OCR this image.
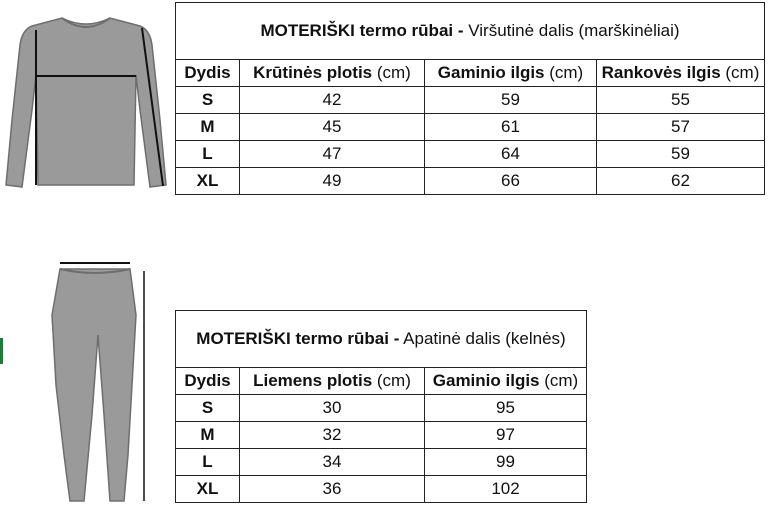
MOTERIŠKI termo rūbai - Viršutinė dalis (marškinėliai)			
Dydis	Krūtinės plotis (cm)	Gaminio ilgis (cm)	Rankovės ilgis (cm)
S	42	59	55
M	45	61	57
L	47	64	59
XL	49	66	62
MOTERIŠKI termo rūbai - Apatinė dalis (kelnės)		
Dydis	Liemens plotis (cm)	Gaminio ilgis (cm)
S	30	95
M	32	97
L	34	99
XL	36	102
